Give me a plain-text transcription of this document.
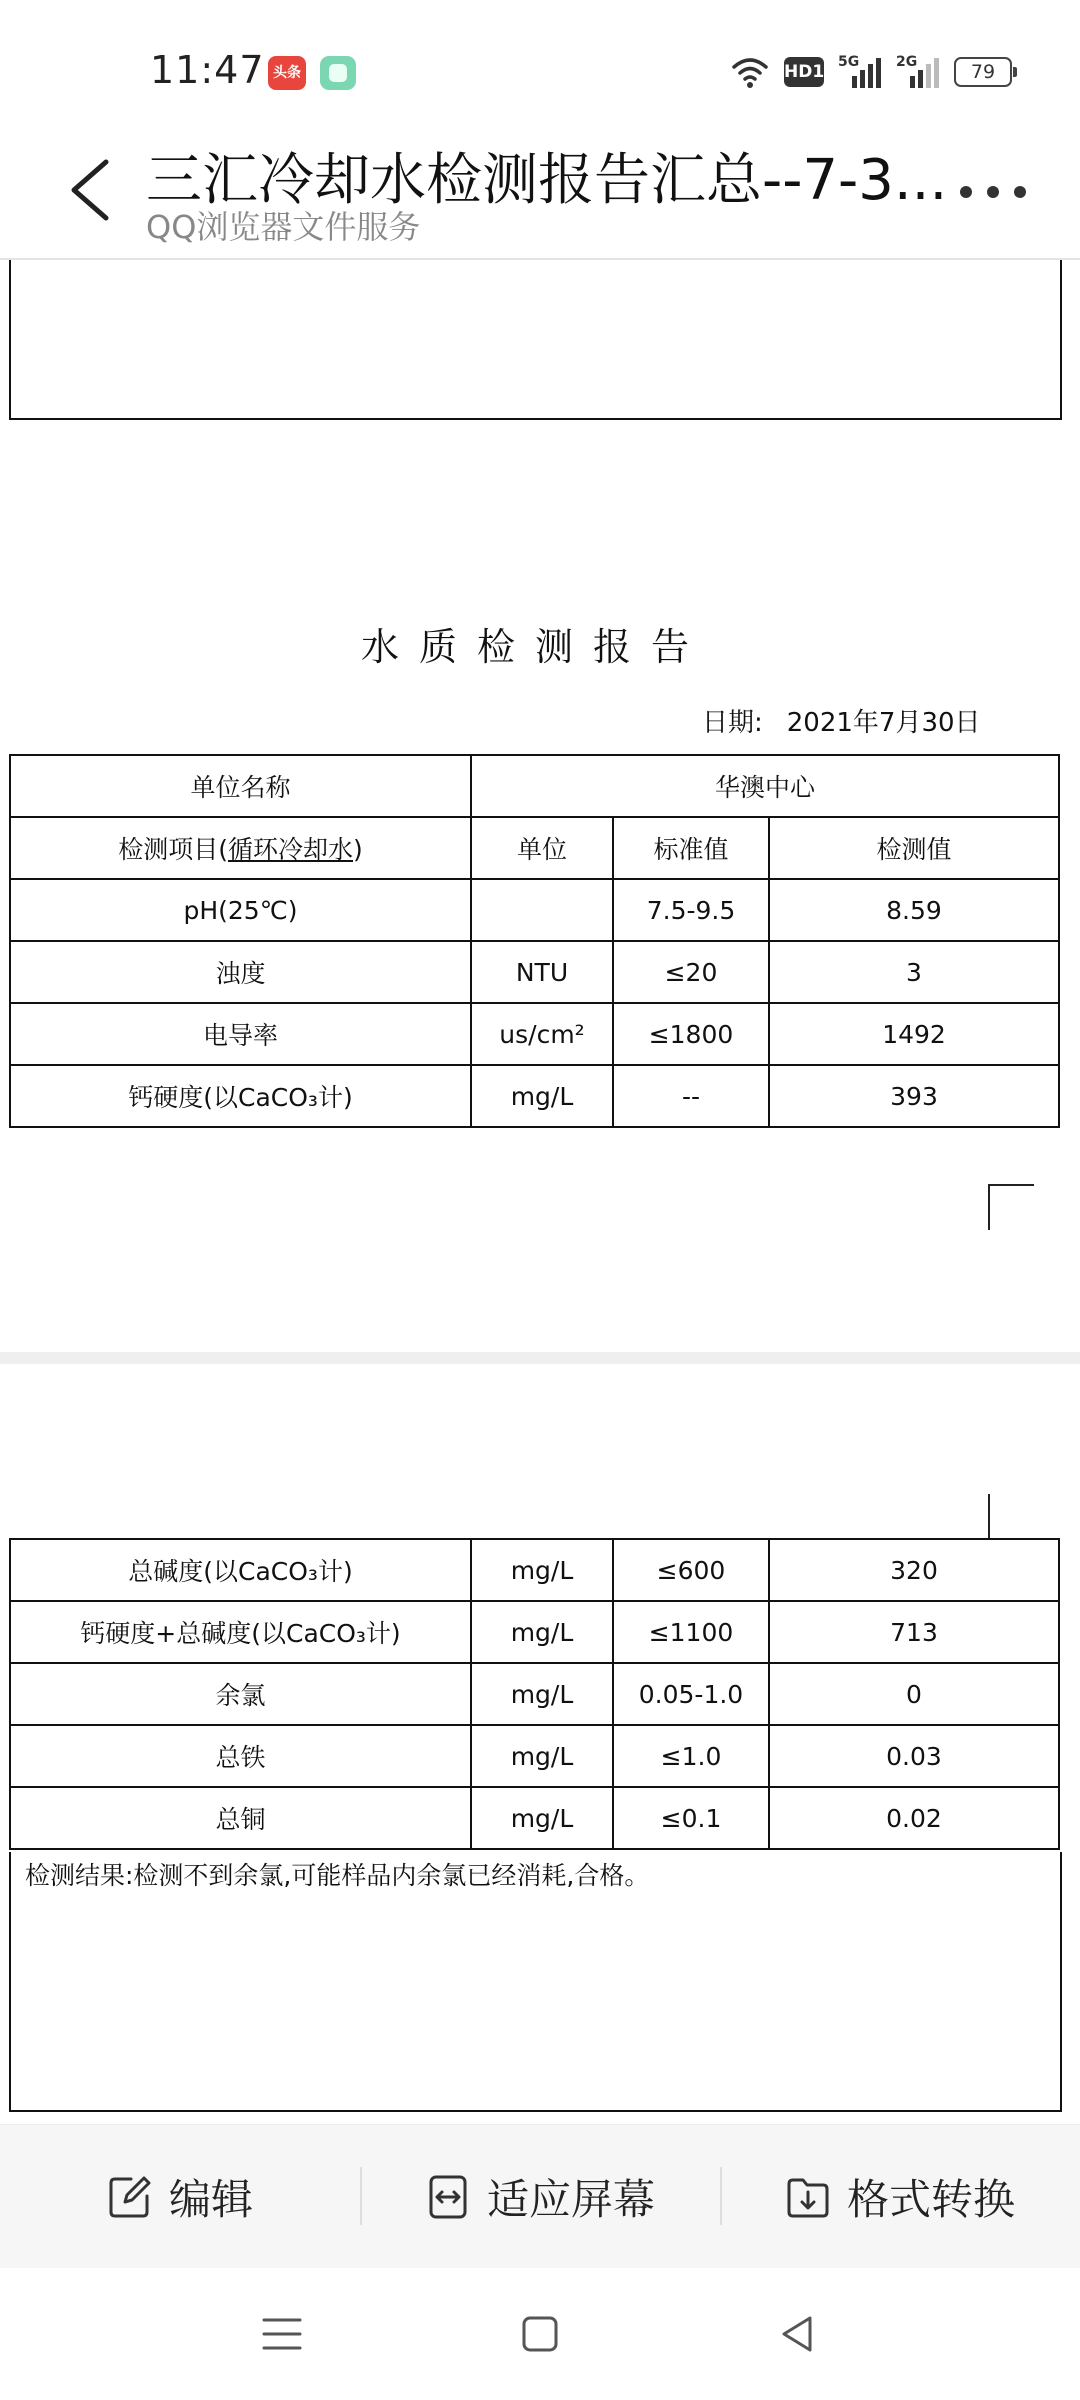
11:47 头条	HD1 5G	2G	79
三汇冷却水检测报告汇总--7-3...
QQ浏览器文件服务
水质检测报告
日期: 2021年7月30日
单位名称	华澳中心		
检测项目(循环冷却水)	单位	标准值	检测值
pH(25℃)		7.5-9.5	8.59
浊度	NTU	≤20	3
电导率	us/cm²	≤1800	1492
钙硬度(以CaCO₃计)	mg/L	--	393
总碱度(以CaCO₃计)	mg/L	≤600	320
钙硬度+总碱度(以CaCO₃计)	mg/L	≤1100	713
余氯	mg/L	0.05-1.0	0
总铁	mg/L	≤1.0	0.03
总铜	mg/L	≤0.1	0.02
检测结果:检测不到余氯,可能样品内余氯已经消耗,合格。
编辑	适应屏幕	格式转换
